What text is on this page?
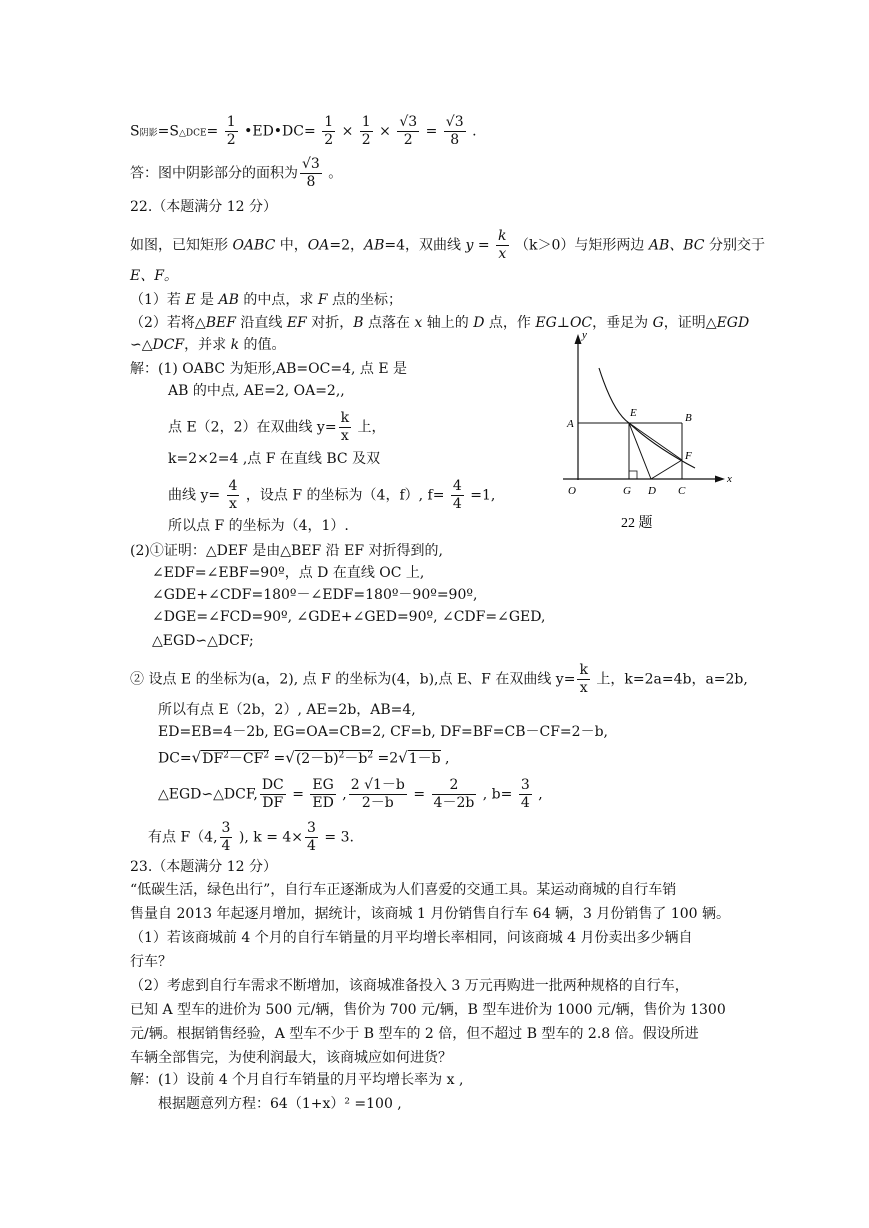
S阴影=S△DCE= $\frac{1}{2}$ •ED•DC= $\frac{1}{2} \times \frac{1}{2} \times \frac{√3}{2} = \frac{√3}{8}$ .
答：图中阴影部分的面积为 $\frac{√3}{8}$ 。
22.（本题满分 12 分）
如图，已知矩形 OABC 中，OA=2，AB=4，双曲线 $y = \frac{k}{x} (k>0)$与矩形两边 AB、BC 分别交于
E、F。
（1）若 E 是 AB 的中点，求 F 点的坐标；
（2）若将△BEF 沿直线 EF 对折，B 点落在 x 轴上的 D 点，作 EG⊥OC，垂足为 G，证明△EGD
∽△DCF，并求 k 的值。
解：(1) OABC 为矩形,AB=OC=4, 点 E 是
AB 的中点, AE=2, OA=2,,
点 E（2，2）在双曲线 $y= \frac{k}{x}$ 上，
k=2×2=4 ,点 F 在直线 BC 及双
曲线 $y= \frac{4}{x}$ ，设点 F 的坐标为（4，f）, $f= \frac{4}{4} =1$,
所以点 F 的坐标为（4，1）.
y
x
O
A	B
E
F
G D C
22 题
(2)①证明：△DEF 是由△BEF 沿 EF 对折得到的,
∠EDF=∠EBF=90º，点 D 在直线 OC 上,
∠GDE+∠CDF=180º－∠EDF=180º－90º=90º,
∠DGE=∠FCD=90º, ∠GDE+∠GED=90º, ∠CDF=∠GED,
△EGD∽△DCF;
② 设点 E 的坐标为(a，2), 点 F 的坐标为(4，b),点 E、F 在双曲线 $y= \frac{k}{x}$ 上，k=2a=4b，a=2b,
所以有点 E（2b，2）, AE=2b，AB=4,
ED=EB=4－2b, EG=OA=CB=2, CF=b, DF=BF=CB－CF=2－b,
$DC=√DF^2-CF^2 =√(2-b)^2-b^2 =2√1-b$ ,
△EGD∽△DCF, $\frac{DC}{DF} = \frac{EG}{ED}$ , $\frac{2 √1-b}{2-b} = \frac{2}{4-2b}$ , $b= \frac{3}{4}$ ,
有点 F（4, $\frac{3}{4}$ ), $k = 4\times \frac{3}{4} = 3$.
23.（本题满分 12 分）
“低碳生活，绿色出行”，自行车正逐渐成为人们喜爱的交通工具。某运动商城的自行车销
售量自 2013 年起逐月增加，据统计，该商城 1 月份销售自行车 64 辆，3 月份销售了 100 辆。
（1）若该商城前 4 个月的自行车销量的月平均增长率相同，问该商城 4 月份卖出多少辆自
行车？
（2）考虑到自行车需求不断增加，该商城准备投入 3 万元再购进一批两种规格的自行车，
已知 A 型车的进价为 500 元/辆，售价为 700 元/辆，B 型车进价为 1000 元/辆，售价为 1300
元/辆。根据销售经验，A 型车不少于 B 型车的 2 倍，但不超过 B 型车的 2.8 倍。假设所进
车辆全部售完，为使利润最大，该商城应如何进货？
解：(1）设前 4 个月自行车销量的月平均增长率为 x ,
根据题意列方程：64（1+x）² =100 ,
